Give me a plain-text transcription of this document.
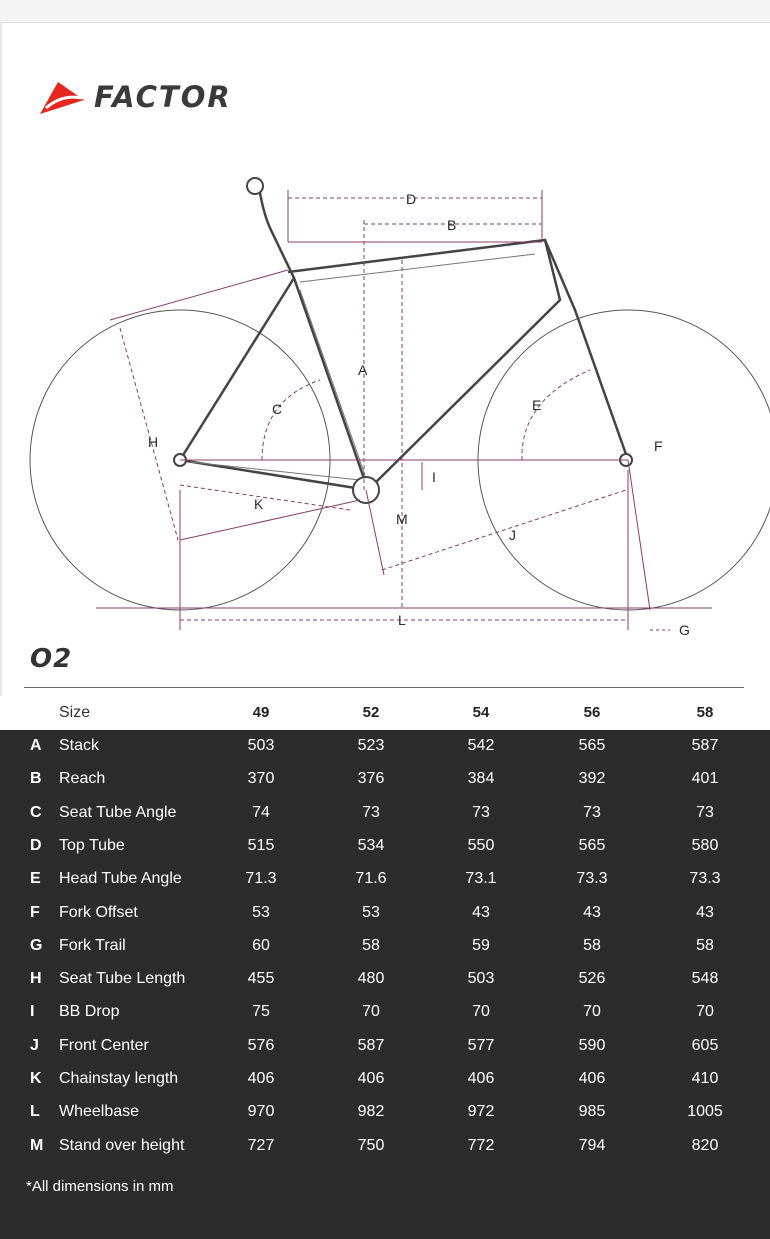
FACTOR
D
B
A
C
H
E
F
I
K
M
J
L
G
O2
Size	49	52	54	56	58
A Stack	503	523	542	565	587
B Reach	370	376	384	392	401
C Seat Tube Angle	74	73	73	73	73
D Top Tube	515	534	550	565	580
E Head Tube Angle	71.3	71.6	73.1	73.3	73.3
F Fork Offset	53	53	43	43	43
G Fork Trail	60	58	59	58	58
H Seat Tube Length	455	480	503	526	548
I BB Drop	75	70	70	70	70
J Front Center	576	587	577	590	605
K Chainstay length	406	406	406	406	410
L Wheelbase	970	982	972	985	1005
M Stand over height	727	750	772	794	820
*All dimensions in mm
